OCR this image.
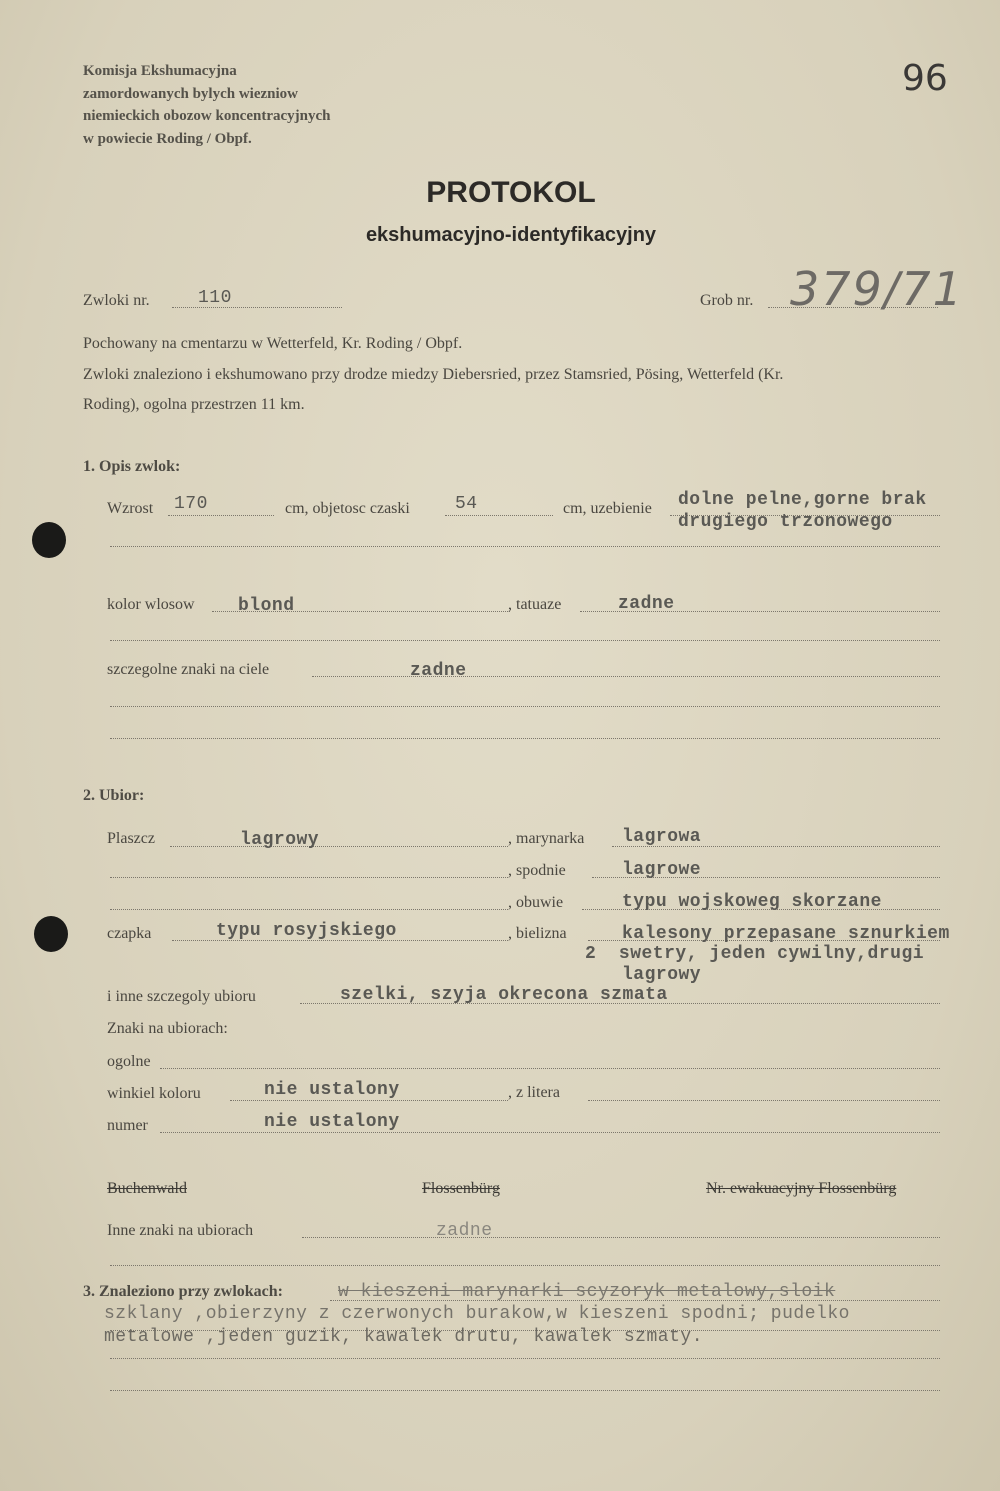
Komisja Ekshumacyjna
zamordowanych bylych wiezniow
niemieckich obozow koncentracyjnych
w powiecie Roding / Obpf.
96
PROTOKOL
ekshumacyjno-identyfikacyjny
Zwloki nr.	110	Grob nr. 379/71
Pochowany na cmentarzu w Wetterfeld, Kr. Roding / Obpf.
Zwloki znaleziono i ekshumowano przy drodze miedzy Diebersried, przez Stamsried, Pösing, Wetterfeld (Kr.
Roding), ogolna przestrzen 11 km.
1. Opis zwlok:
Wzrost 170	cm, objetosc czaski	54	cm, uzebienie dolne pelne,gorne brak
drugiego trzonowego
kolor wlosow blond	, tatuaze	zadne
szczegolne znaki na ciele	zadne
2. Ubior:
Plaszcz	lagrowy	, marynarka lagrowa
, spodnie	lagrowe
, obuwie	typu wojskoweg skorzane
czapka	typu rosyjskiego	, bielizna	kalesony przepasane sznurkiem
2  swetry, jeden cywilny,drugi
lagrowy
i inne szczegoly ubioru	szelki, szyja okrecona szmata
Znaki na ubiorach:
ogolne
winkiel koloru	nie ustalony	, z litera
numer	nie ustalony
Buchenwald	Flossenbürg	Nr. ewakuacyjny Flossenbürg
Inne znaki na ubiorach	zadne
3. Znaleziono przy zwlokach:	w kieszeni marynarki scyzoryk metalowy,sloik
szklany ,obierzyny z czerwonych burakow,w kieszeni spodni; pudelko
metalowe ,jeden guzik, kawalek drutu, kawalek szmaty.
